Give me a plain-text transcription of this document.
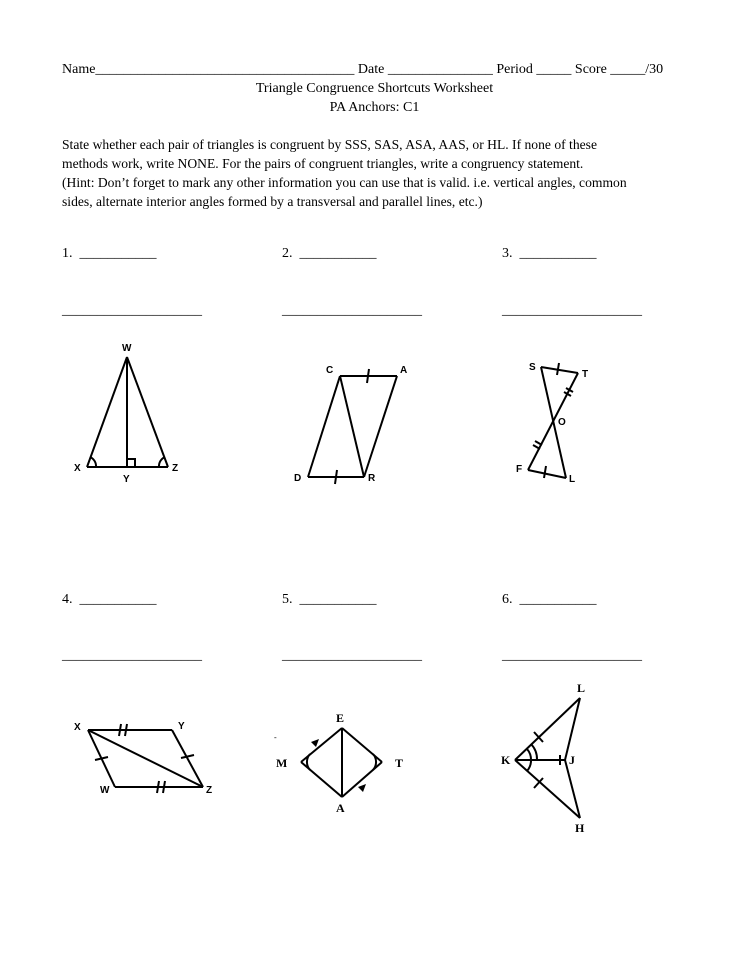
Name_____________________________________ Date _______________ Period _____ Score _____/30
Triangle Congruence Shortcuts Worksheet
PA Anchors: C1
State whether each pair of triangles is congruent by SSS, SAS, ASA, AAS, or HL. If none of these
methods work, write NONE. For the pairs of congruent triangles, write a congruency statement.
(Hint: Don’t forget to mark any other information you can use that is valid. i.e. vertical angles, common
sides, alternate interior angles formed by a transversal and parallel lines, etc.)
1. ___________	2. ___________	3. ___________
____________________	____________________	____________________
4. ___________	5. ___________	6. ___________
____________________	____________________	____________________
W
X
Y
Z
C	A
D	R
S
T
O
F
L
X	Y
W	Z
-
E
M	T
A
L
K	J
H
